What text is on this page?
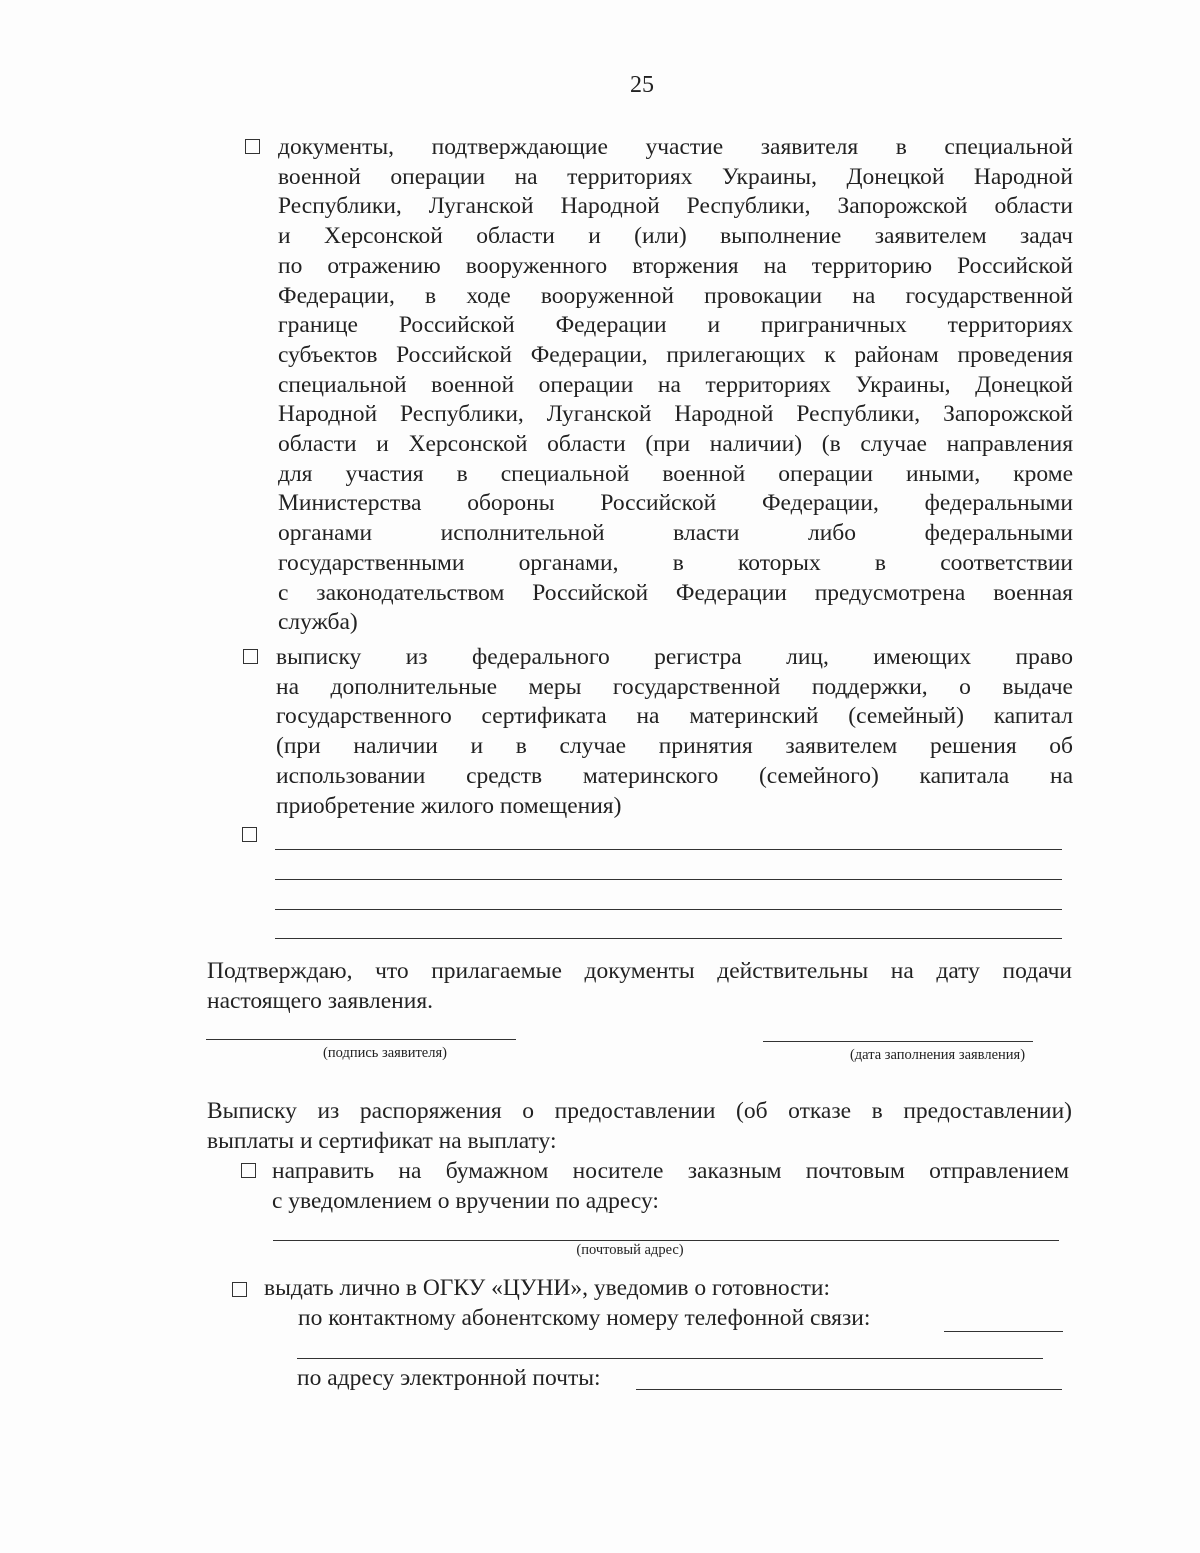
25
документы, подтверждающие участие заявителя в специальной
военной операции на территориях Украины, Донецкой Народной
Республики, Луганской Народной Республики, Запорожской области
и Херсонской области и (или) выполнение заявителем задач
по отражению вооруженного вторжения на территорию Российской
Федерации, в ходе вооруженной провокации на государственной
границе Российской Федерации и приграничных территориях
субъектов Российской Федерации, прилегающих к районам проведения
специальной военной операции на территориях Украины, Донецкой
Народной Республики, Луганской Народной Республики, Запорожской
области и Херсонской области (при наличии) (в случае направления
для участия в специальной военной операции иными, кроме
Министерства обороны Российской Федерации, федеральными
органами исполнительной власти либо федеральными
государственными органами, в которых в соответствии
с законодательством Российской Федерации предусмотрена военная
служба)
выписку из федерального регистра лиц, имеющих право
на дополнительные меры государственной поддержки, о выдаче
государственного сертификата на материнский (семейный) капитал
(при наличии и в случае принятия заявителем решения об
использовании средств материнского (семейного) капитала на
приобретение жилого помещения)
Подтверждаю, что прилагаемые документы действительны на дату подачи
настоящего заявления.
(подпись заявителя)	(дата заполнения заявления)
Выписку из распоряжения о предоставлении (об отказе в предоставлении)
выплаты и сертификат на выплату:
направить на бумажном носителе заказным почтовым отправлением
с уведомлением о вручении по адресу:
(почтовый адрес)
выдать лично в ОГКУ «ЦУНИ», уведомив о готовности:
по контактному абонентскому номеру телефонной связи:
по адресу электронной почты:
